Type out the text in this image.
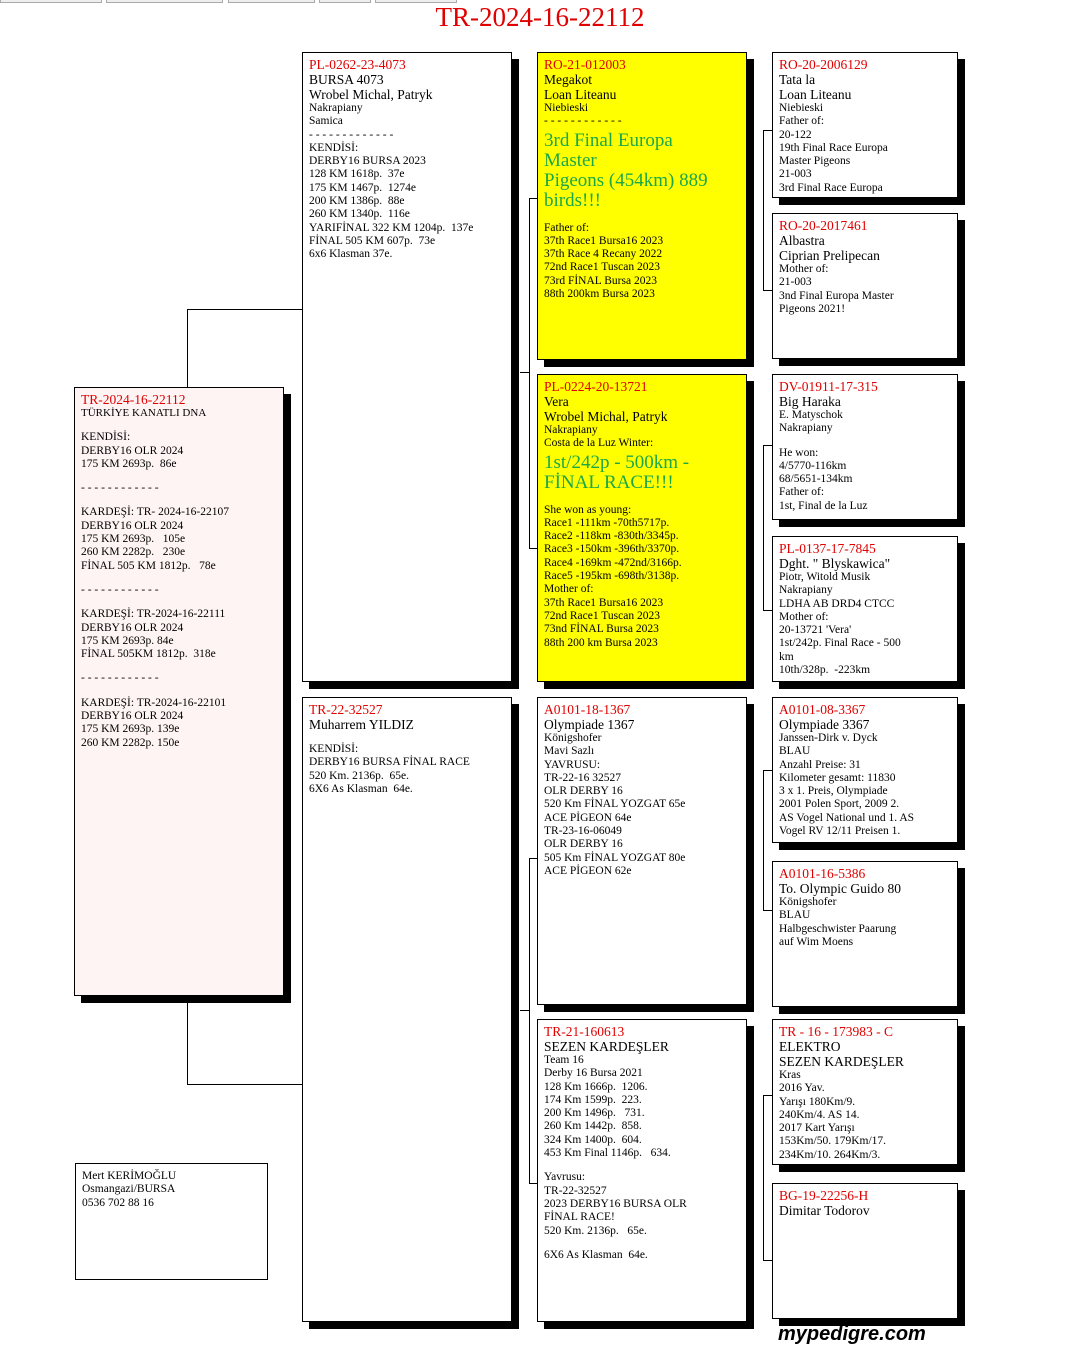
TR-2024-16-22112
TR-2024-16-22112
TÜRKİYE KANATLI DNA
KENDİSİ:
DERBY16 OLR 2024
175 KM 2693p.  86e
- - - - - - - - - - - -
KARDEŞİ: TR- 2024-16-22107
DERBY16 OLR 2024
175 KM 2693p.   105e
260 KM 2282p.   230e
FİNAL 505 KM 1812p.   78e
- - - - - - - - - - - -
KARDEŞİ: TR-2024-16-22111
DERBY16 OLR 2024
175 KM 2693p. 84e
FİNAL 505KM 1812p.  318e
- - - - - - - - - - - -
KARDEŞİ: TR-2024-16-22101
DERBY16 OLR 2024
175 KM 2693p. 139e
260 KM 2282p. 150e
Mert KERİMOĞLU
Osmangazi/BURSA
0536 702 88 16
PL-0262-23-4073
BURSA 4073
Wrobel Michal, Patryk
Nakrapiany
Samica
- - - - - - - - - - - - -
KENDİSİ:
DERBY16 BURSA 2023
128 KM 1618p.  37e
175 KM 1467p.  1274e
200 KM 1386p.  88e
260 KM 1340p.  116e
YARIFİNAL 322 KM 1204p.  137e
FİNAL 505 KM 607p.  73e
6x6 Klasman 37e.
TR-22-32527
Muharrem YILDIZ
KENDİSİ:
DERBY16 BURSA FİNAL RACE
520 Km. 2136p.  65e.
6X6 As Klasman  64e.
RO-21-012003
Megakot
Loan Liteanu
Niebieski
- - - - - - - - - - - -
3rd Final Europa
Master
Pigeons (454km) 889
birds!!!
Father of:
37th Race1 Bursa16 2023
37th Race 4 Recany 2022
72nd Race1 Tuscan 2023
73rd FİNAL Bursa 2023
88th 200km Bursa 2023
PL-0224-20-13721
Vera
Wrobel Michal, Patryk
Nakrapiany
Costa de la Luz Winter:
1st/242p - 500km -
FİNAL RACE!!!
She won as young:
Race1 -111km -70th5717p.
Race2 -118km -830th/3345p.
Race3 -150km -396th/3370p.
Race4 -169km -472nd/3166p.
Race5 -195km -698th/3138p.
Mother of:
37th Race1 Bursa16 2023
72nd Race1 Tuscan 2023
73nd FİNAL Bursa 2023
88th 200 km Bursa 2023
A0101-18-1367
Olympiade 1367
Königshofer
Mavi Sazlı
YAVRUSU:
TR-22-16 32527
OLR DERBY 16
520 Km FİNAL YOZGAT 65e
ACE PİGEON 64e
TR-23-16-06049
OLR DERBY 16
505 Km FİNAL YOZGAT 80e
ACE PİGEON 62e
TR-21-160613
SEZEN KARDEŞLER
Team 16
Derby 16 Bursa 2021
128 Km 1666p.  1206.
174 Km 1599p.  223.
200 Km 1496p.   731.
260 Km 1442p.  858.
324 Km 1400p.  604.
453 Km Final 1146p.   634.
Yavrusu:
TR-22-32527
2023 DERBY16 BURSA OLR
FİNAL RACE!
520 Km. 2136p.   65e.
6X6 As Klasman  64e.
RO-20-2006129
Tata la
Loan Liteanu
Niebieski
Father of:
20-122
19th Final Race Europa
Master Pigeons
21-003
3rd Final Race Europa
RO-20-2017461
Albastra
Ciprian Prelipecan
Mother of:
21-003
3nd Final Europa Master
Pigeons 2021!
DV-01911-17-315
Big Haraka
E. Matyschok
Nakrapiany
He won:
4/5770-116km
68/5651-134km
Father of:
1st, Final de la Luz
PL-0137-17-7845
Dght. " Blyskawica"
Piotr, Witold Musik
Nakrapiany
LDHA AB DRD4 CTCC
Mother of:
20-13721 'Vera'
1st/242p. Final Race - 500
km
10th/328p.  -223km
A0101-08-3367
Olympiade 3367
Janssen-Dirk v. Dyck
BLAU
Anzahl Preise: 31
Kilometer gesamt: 11830
3 x 1. Preis, Olympiade
2001 Polen Sport, 2009 2.
AS Vogel National und 1. AS
Vogel RV 12/11 Preisen 1.
A0101-16-5386
To. Olympic Guido 80
Königshofer
BLAU
Halbgeschwister Paarung
auf Wim Moens
TR - 16 - 173983 - C
ELEKTRO
SEZEN KARDEŞLER
Kras
2016 Yav.
Yarışı 180Km/9.
240Km/4. AS 14.
2017 Kart Yarışı
153Km/50. 179Km/17.
234Km/10. 264Km/3.
BG-19-22256-H
Dimitar Todorov
mypedigre.com
